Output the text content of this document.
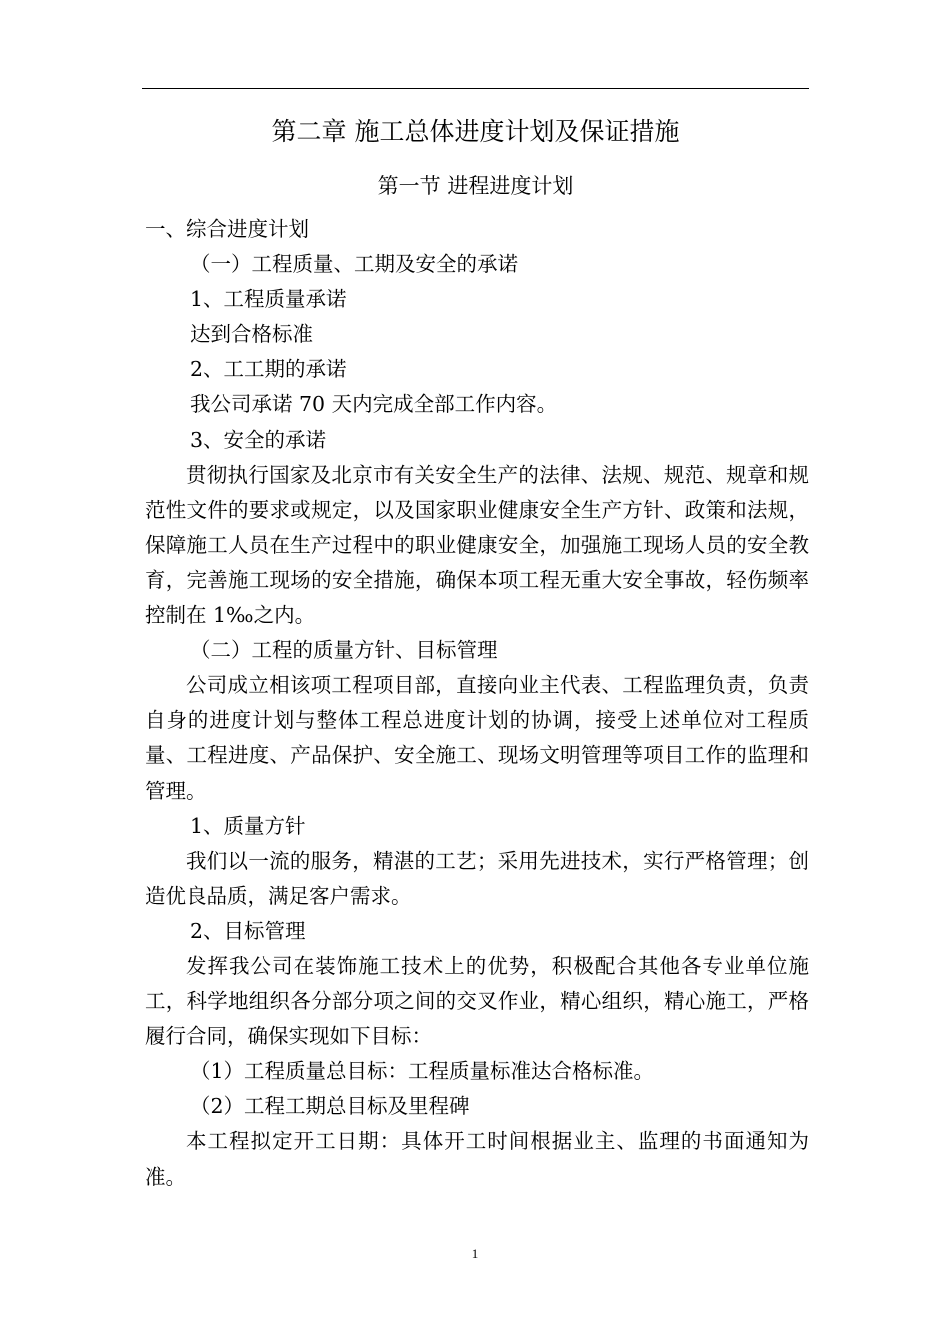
第二章 施工总体进度计划及保证措施
第一节 进程进度计划

一、综合进度计划

（一）工程质量、工期及安全的承诺

1、工程质量承诺

达到合格标准

2、工工期的承诺

我公司承诺 70 天内完成全部工作内容。

3、安全的承诺

贯彻执行国家及北京市有关安全生产的法律、法规、规范、规章和规范性文件的要求或规定，以及国家职业健康安全生产方针、政策和法规，保障施工人员在生产过程中的职业健康安全，加强施工现场人员的安全教育，完善施工现场的安全措施，确保本项工程无重大安全事故，轻伤频率控制在 1‰之内。

（二）工程的质量方针、目标管理

公司成立相该项工程项目部，直接向业主代表、工程监理负责，负责自身的进度计划与整体工程总进度计划的协调，接受上述单位对工程质量、工程进度、产品保护、安全施工、现场文明管理等项目工作的监理和管理。

1、质量方针

我们以一流的服务，精湛的工艺；采用先进技术，实行严格管理；创造优良品质，满足客户需求。

2、目标管理

发挥我公司在装饰施工技术上的优势，积极配合其他各专业单位施工，科学地组织各分部分项之间的交叉作业，精心组织，精心施工，严格履行合同，确保实现如下目标：

（1）工程质量总目标：工程质量标准达合格标准。

（2）工程工期总目标及里程碑

本工程拟定开工日期：具体开工时间根据业主、监理的书面通知为准。

1
